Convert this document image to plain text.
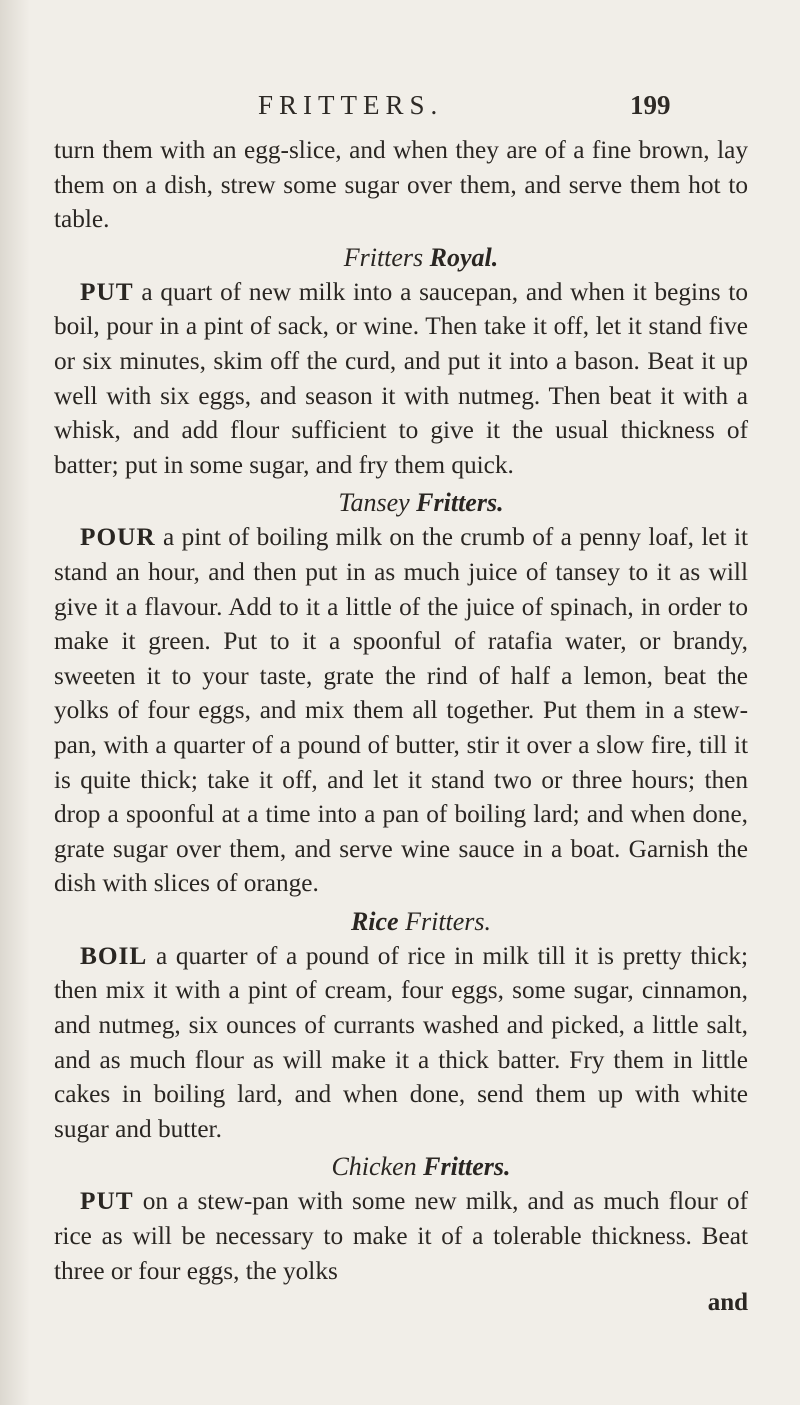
FRITTERS.	199

turn them with an egg-slice, and when they are of a fine brown, lay them on a dish, strew some sugar over them, and serve them hot to table.

Fritters Royal.

PUT a quart of new milk into a saucepan, and when it begins to boil, pour in a pint of sack, or wine. Then take it off, let it stand five or six minutes, skim off the curd, and put it into a bason. Beat it up well with six eggs, and season it with nutmeg. Then beat it with a whisk, and add flour sufficient to give it the usual thickness of batter; put in some sugar, and fry them quick.

Tansey Fritters.

POUR a pint of boiling milk on the crumb of a penny loaf, let it stand an hour, and then put in as much juice of tansey to it as will give it a flavour. Add to it a little of the juice of spinach, in order to make it green. Put to it a spoonful of ratafia water, or brandy, sweeten it to your taste, grate the rind of half a lemon, beat the yolks of four eggs, and mix them all together. Put them in a stew-pan, with a quarter of a pound of butter, stir it over a slow fire, till it is quite thick; take it off, and let it stand two or three hours; then drop a spoonful at a time into a pan of boiling lard; and when done, grate sugar over them, and serve wine sauce in a boat. Garnish the dish with slices of orange.

Rice Fritters.

BOIL a quarter of a pound of rice in milk till it is pretty thick; then mix it with a pint of cream, four eggs, some sugar, cinnamon, and nutmeg, six ounces of currants washed and picked, a little salt, and as much flour as will make it a thick batter. Fry them in little cakes in boiling lard, and when done, send them up with white sugar and butter.

Chicken Fritters.

PUT on a stew-pan with some new milk, and as much flour of rice as will be necessary to make it of a tolerable thickness. Beat three or four eggs, the yolks

and
